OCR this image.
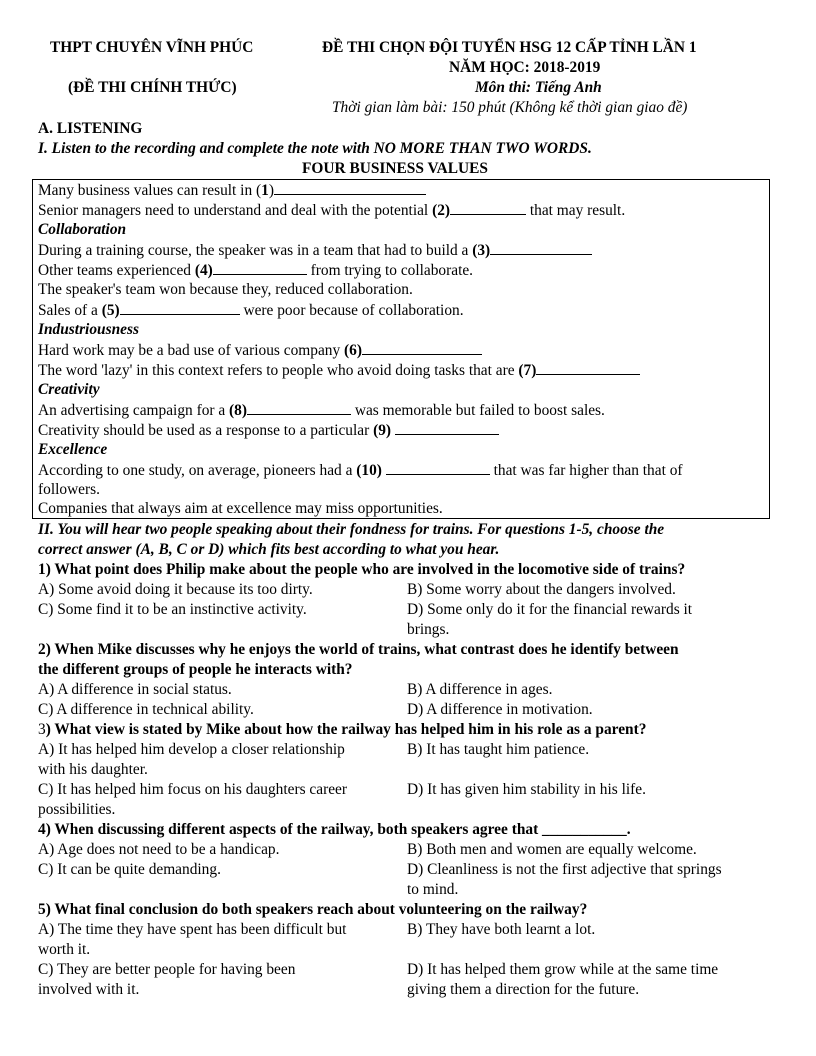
THPT CHUYÊN VĨNH PHÚC
(ĐỀ THI CHÍNH THỨC)
ĐỀ THI CHỌN ĐỘI TUYỂN HSG 12 CẤP TỈNH LẦN 1
NĂM HỌC: 2018-2019
Môn thi: Tiếng Anh
Thời gian làm bài: 150 phút (Không kể thời gian giao đề)
A. LISTENING
I. Listen to the recording and complete the note with NO MORE THAN TWO WORDS.
FOUR BUSINESS VALUES
Many business values can result in (1)
Senior managers need to understand and deal with the potential (2)	that may result.
Collaboration
During a training course, the speaker was in a team that had to build a (3)
Other teams experienced (4)	from trying to collaborate.
The speaker's team won because they, reduced collaboration.
Sales of a (5)	were poor because of collaboration.
Industriousness
Hard work may be a bad use of various company (6)
The word 'lazy' in this context refers to people who avoid doing tasks that are (7)
Creativity
An advertising campaign for a (8)	was memorable but failed to boost sales.
Creativity should be used as a response to a particular (9)
Excellence
According to one study, on average, pioneers had a (10)	that was far higher than that of
followers.
Companies that always aim at excellence may miss opportunities.
II. You will hear two people speaking about their fondness for trains. For questions 1-5, choose the
correct answer (A, B, C or D) which fits best according to what you hear.
1) What point does Philip make about the people who are involved in the locomotive side of trains?
A) Some avoid doing it because its too dirty.	B) Some worry about the dangers involved.
C) Some find it to be an instinctive activity.	D) Some only do it for the financial rewards it
brings.
2) When Mike discusses why he enjoys the world of trains, what contrast does he identify between
the different groups of people he interacts with?
A) A difference in social status.	B) A difference in ages.
C) A difference in technical ability.	D) A difference in motivation.
3) What view is stated by Mike about how the railway has helped him in his role as a parent?
A) It has helped him develop a closer relationship	B) It has taught him patience.
with his daughter.
C) It has helped him focus on his daughters career	D) It has given him stability in his life.
possibilities.
4) When discussing different aspects of the railway, both speakers agree that ___________.
A) Age does not need to be a handicap.	B) Both men and women are equally welcome.
C) It can be quite demanding.	D) Cleanliness is not the first adjective that springs
to mind.
5) What final conclusion do both speakers reach about volunteering on the railway?
A) The time they have spent has been difficult but	B) They have both learnt a lot.
worth it.
C) They are better people for having been	D) It has helped them grow while at the same time
involved with it.	giving them a direction for the future.
